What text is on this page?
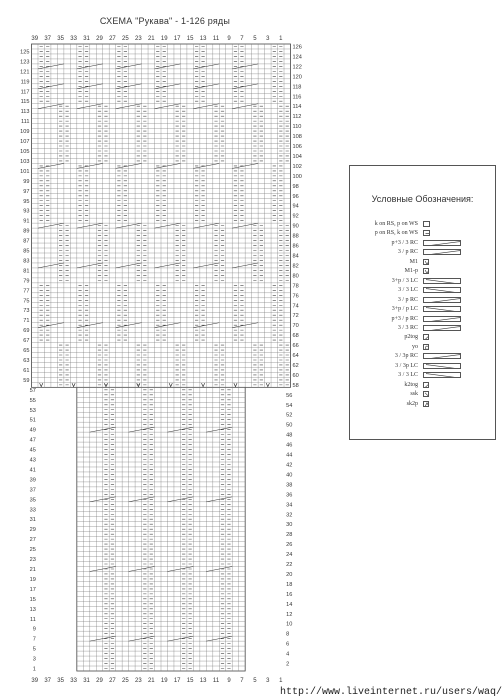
39
39
37
37
35
35
33
33
31
31
29
29
27
27
25
25
23
23
21
21
19
19
17
17
15
15
13
13
11
11
9
9
7
7
5
5
3
3
1
1
125
123
121
119
117
115
113
111
109
107
105
103
101
99
97
95
93
91
89
87
85
83
81
79
77
75
73
71
69
67
65
63
61
59
57
55
53
51
49
47
45
43
41
39
37
35
33
31
29
27
25
23
21
19
17
15
13
11
9
7
5
3
1
126
124
122
120
118
116
114
112
110
108
106
104
102
100
98
96
94
92
90
88
86
84
82
80
78
76
74
72
70
68
66
64
62
60
58
56
54
52
50
48
46
44
42
40
38
36
34
32
30
28
26
24
22
20
18
16
14
12
10
8
6
4
2
СХЕМА "Рукава" - 1-126 ряды
Условные Обозначения:
k on RS, p on WS
p on RS, k on WS
p+3 / 3 RC
3 / p RC
M1
M1-p
3+p / 3 LC
3 / 3 LC
3 / p RC
3+p / p LC
p+3 / p RC
3 / 3 RC
p2tog
yo
3 / 3p RC
3 / 3p LC
3 / 3 LC
k2tog
ssk
sk2p
http://www.liveinternet.ru/users/waq/
